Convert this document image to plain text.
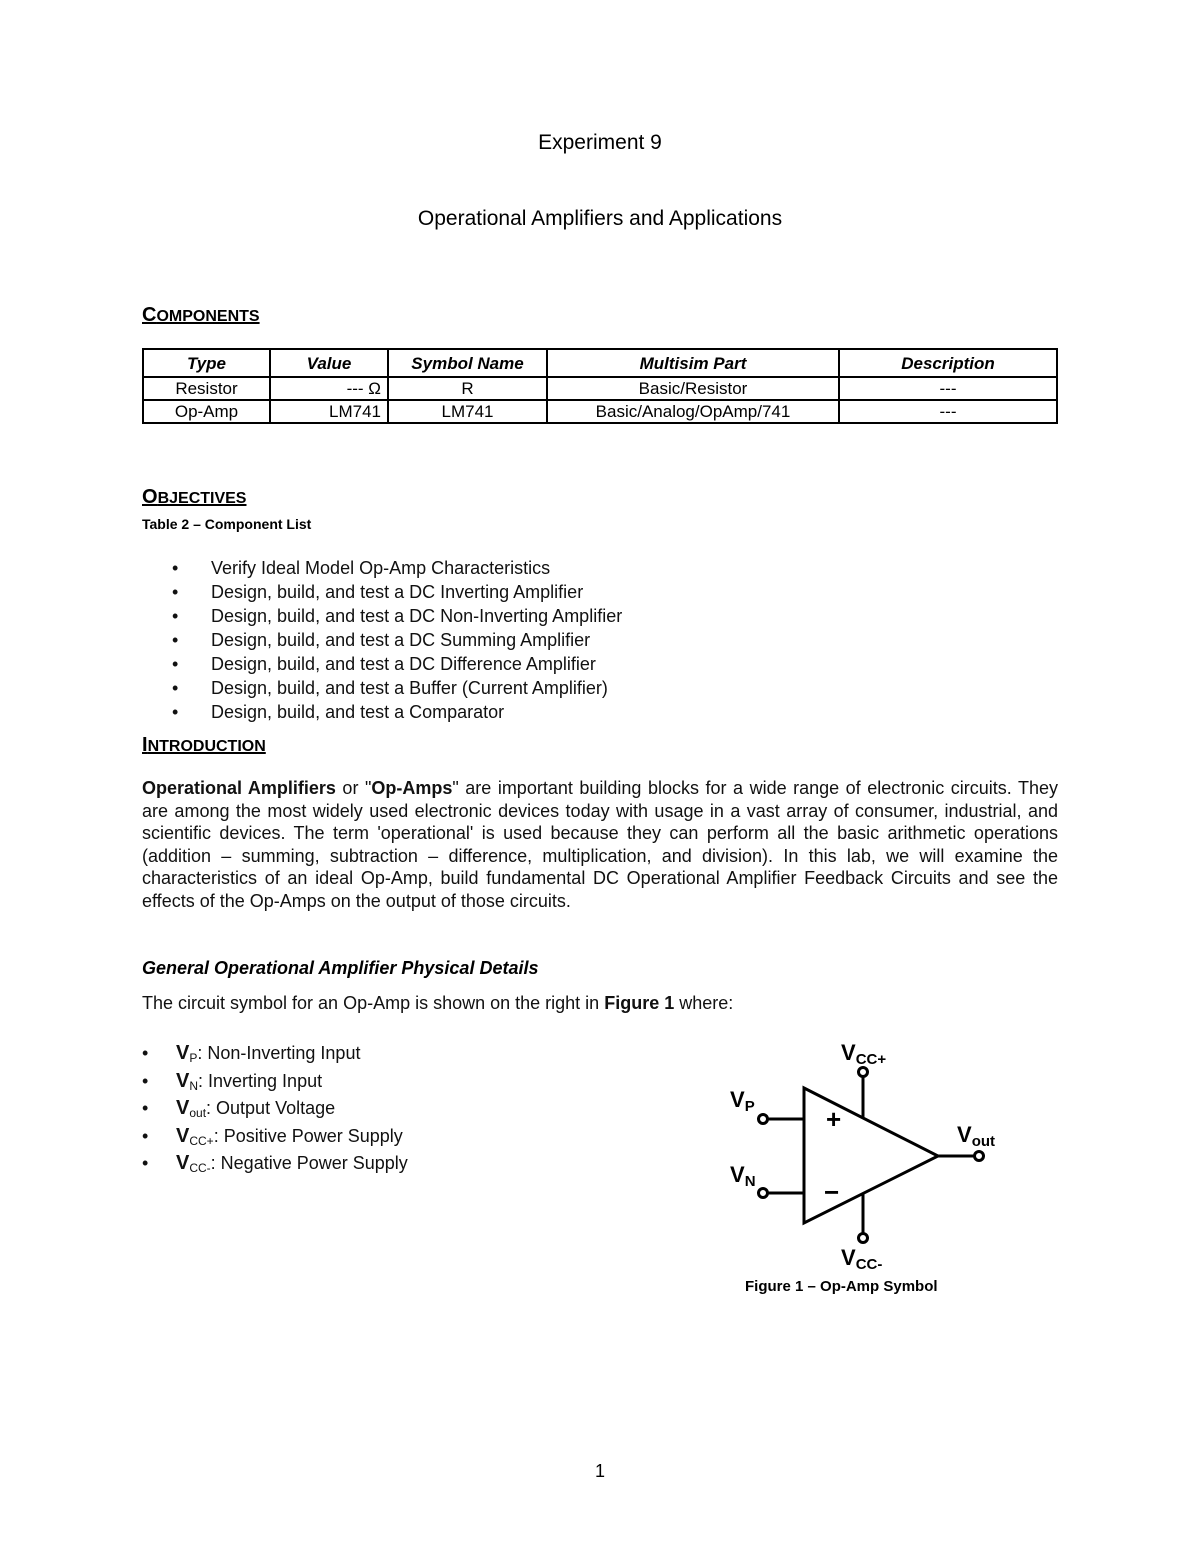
Experiment 9
Operational Amplifiers and Applications
COMPONENTS
Type	Value	Symbol Name	Multisim Part	Description
Resistor	--- Ω	R	Basic/Resistor	---
Op-Amp	LM741	LM741	Basic/Analog/OpAmp/741	---
OBJECTIVES
Table 2 – Component List
• Verify Ideal Model Op-Amp Characteristics
• Design, build, and test a DC Inverting Amplifier
• Design, build, and test a DC Non-Inverting Amplifier
• Design, build, and test a DC Summing Amplifier
• Design, build, and test a DC Difference Amplifier
• Design, build, and test a Buffer (Current Amplifier)
• Design, build, and test a Comparator
INTRODUCTION
Operational Amplifiers or "Op-Amps" are important building blocks for a wide range of electronic circuits. They are among the most widely used electronic devices today with usage in a vast array of consumer, industrial, and scientific devices. The term 'operational' is used because they can perform all the basic arithmetic operations (addition – summing, subtraction – difference, multiplication, and division). In this lab, we will examine the characteristics of an ideal Op-Amp, build fundamental DC Operational Amplifier Feedback Circuits and see the effects of the Op-Amps on the output of those circuits.
General Operational Amplifier Physical Details
The circuit symbol for an Op-Amp is shown on the right in Figure 1 where:
• $V_P$: Non-Inverting Input
• $V_N$: Inverting Input
• $V_{out}$: Output Voltage
• $V_{CC+}$: Positive Power Supply
• $V_{CC-}$: Negative Power Supply
+
−
VCC+
VCC-
VP
VN
Vout
Figure 1 – Op-Amp Symbol
1
